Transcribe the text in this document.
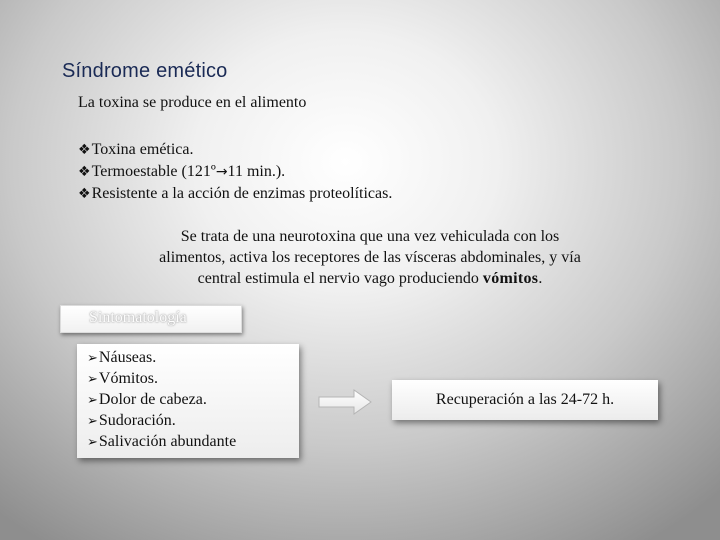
Síndrome emético
La toxina se produce en el alimento
❖Toxina emética.
❖Termoestable (121º→11 min.).
❖Resistente a la acción de enzimas proteolíticas.
Se trata de una neurotoxina que una vez vehiculada con los
alimentos, activa los receptores de las vísceras abdominales, y vía
central estimula el nervio vago produciendo vómitos.
Sintomatología
➢Náuseas.
➢Vómitos.
➢Dolor de cabeza.
➢Sudoración.
➢Salivación abundante
Recuperación a las 24-72 h.
